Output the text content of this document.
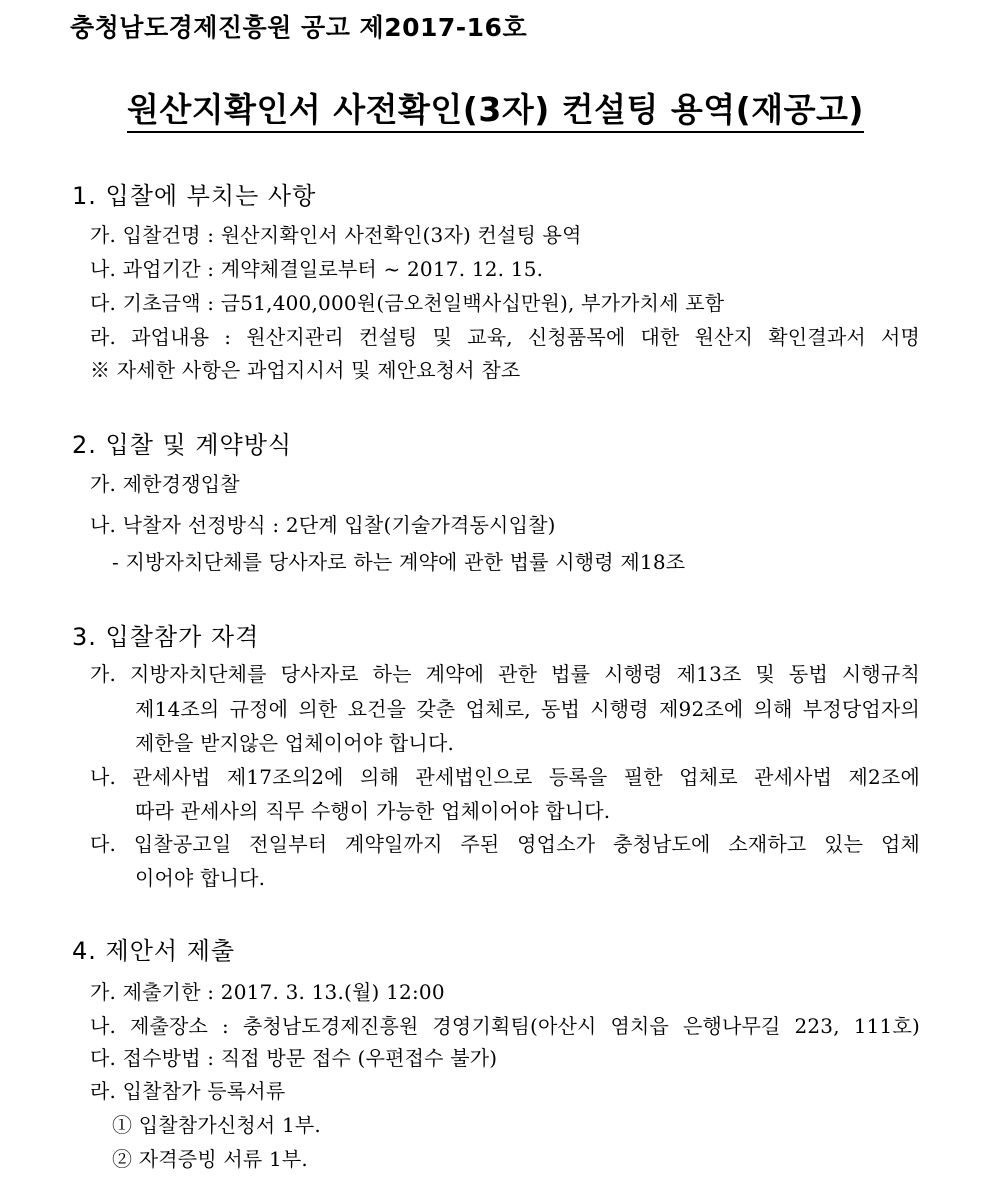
충청남도경제진흥원 공고 제2017-16호
원산지확인서 사전확인(3자) 컨설팅 용역(재공고)
1. 입찰에 부치는 사항
가. 입찰건명 : 원산지확인서 사전확인(3자) 컨설팅 용역
나. 과업기간 : 계약체결일로부터 ~ 2017. 12. 15.
다. 기초금액 : 금51,400,000원(금오천일백사십만원), 부가가치세 포함
라. 과업내용 : 원산지관리 컨설팅 및 교육, 신청품목에 대한 원산지 확인결과서 서명
※ 자세한 사항은 과업지시서 및 제안요청서 참조
2. 입찰 및 계약방식
가. 제한경쟁입찰
나. 낙찰자 선정방식 : 2단계 입찰(기술가격동시입찰)
- 지방자치단체를 당사자로 하는 계약에 관한 법률 시행령 제18조
3. 입찰참가 자격
가. 지방자치단체를 당사자로 하는 계약에 관한 법률 시행령 제13조 및 동법 시행규칙
제14조의 규정에 의한 요건을 갖춘 업체로, 동법 시행령 제92조에 의해 부정당업자의
제한을 받지않은 업체이어야 합니다.
나. 관세사법 제17조의2에 의해 관세법인으로 등록을 필한 업체로 관세사법 제2조에
따라 관세사의 직무 수행이 가능한 업체이어야 합니다.
다. 입찰공고일 전일부터 계약일까지 주된 영업소가 충청남도에 소재하고 있는 업체
이어야 합니다.
4. 제안서 제출
가. 제출기한 : 2017. 3. 13.(월) 12:00
나. 제출장소 : 충청남도경제진흥원 경영기획팀(아산시 염치읍 은행나무길 223, 111호)
다. 접수방법 : 직접 방문 접수 (우편접수 불가)
라. 입찰참가 등록서류
① 입찰참가신청서 1부.
② 자격증빙 서류 1부.
